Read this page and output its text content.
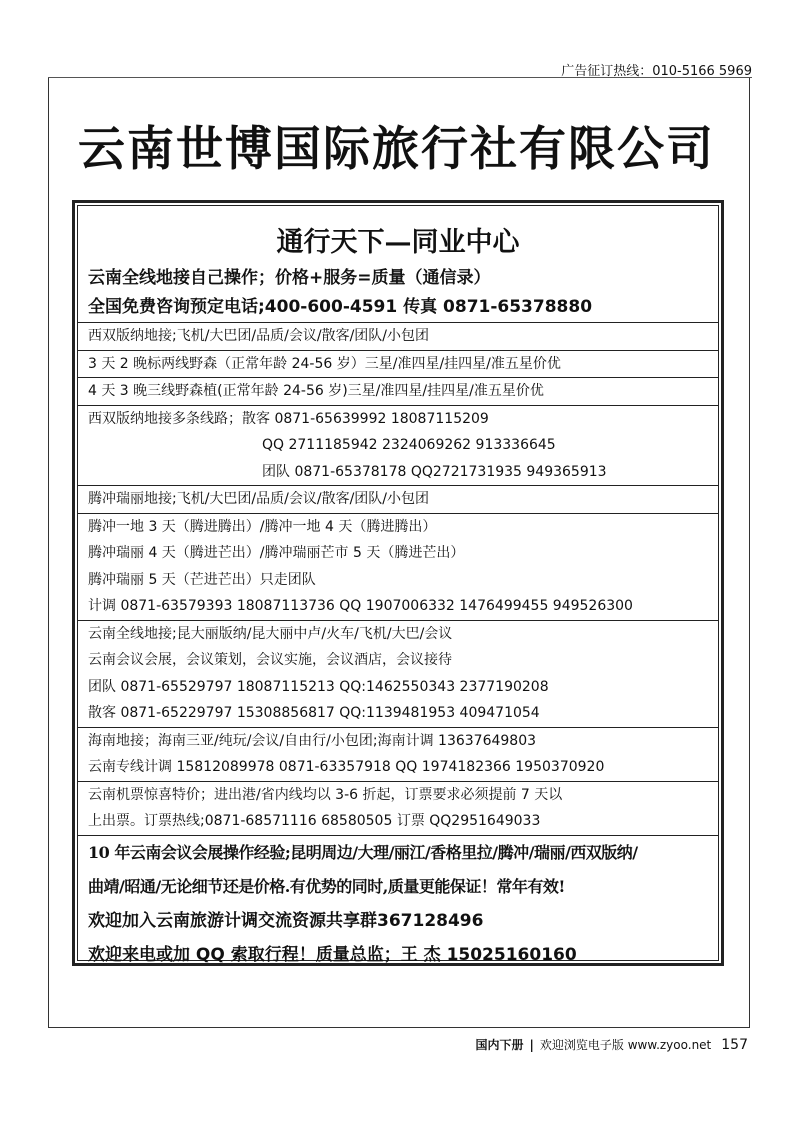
广告征订热线：010-5166 5969
云南世博国际旅行社有限公司
通行天下—同业中心
云南全线地接自己操作；价格+服务=质量（通信录）
全国免费咨询预定电话;400-600-4591 传真 0871-65378880
西双版纳地接;飞机/大巴团/品质/会议/散客/团队/小包团
3 天 2 晚标两线野森（正常年龄 24-56 岁）三星/准四星/挂四星/准五星价优
4 天 3 晚三线野森植(正常年龄 24-56 岁)三星/准四星/挂四星/准五星价优
西双版纳地接多条线路；散客 0871-65639992 18087115209
QQ 2711185942 2324069262 913336645
团队 0871-65378178 QQ2721731935 949365913
腾冲瑞丽地接;飞机/大巴团/品质/会议/散客/团队/小包团
腾冲一地 3 天（腾进腾出）/腾冲一地 4 天（腾进腾出）
腾冲瑞丽 4 天（腾进芒出）/腾冲瑞丽芒市 5 天（腾进芒出）
腾冲瑞丽 5 天（芒进芒出）只走团队
计调 0871-63579393 18087113736 QQ 1907006332 1476499455 949526300
云南全线地接;昆大丽版纳/昆大丽中卢/火车/飞机/大巴/会议
云南会议会展，会议策划，会议实施，会议酒店，会议接待
团队 0871-65529797 18087115213 QQ:1462550343 2377190208
散客 0871-65229797 15308856817 QQ:1139481953 409471054
海南地接；海南三亚/纯玩/会议/自由行/小包团;海南计调 13637649803
云南专线计调 15812089978 0871-63357918 QQ 1974182366 1950370920
云南机票惊喜特价；进出港/省内线均以 3-6 折起，订票要求必须提前 7 天以
上出票。订票热线;0871-68571116 68580505 订票 QQ2951649033
10 年云南会议会展操作经验;昆明周边/大理/丽江/香格里拉/腾冲/瑞丽/西双版纳/
曲靖/昭通/无论细节还是价格.有优势的同时,质量更能保证！常年有效!
欢迎加入云南旅游计调交流资源共享群367128496
欢迎来电或加 QQ 索取行程！质量总监；王 杰 15025160160
国内下册 | 欢迎浏览电子版 www.zyoo.net 157
